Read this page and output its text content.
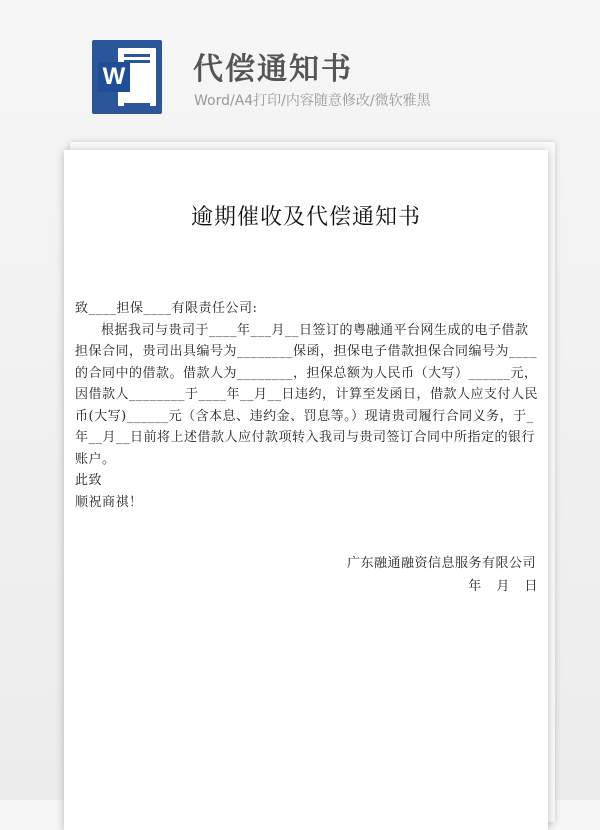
W 代偿通知书
Word/A4打印/内容随意修改/微软雅黑
逾期催收及代偿通知书

致____担保____有限责任公司:

根据我司与贵司于____年___月__日签订的粤融通平台网生成的电子借款担保合同，贵司出具编号为________保函，担保电子借款担保合同编号为____的合同中的借款。借款人为________，担保总额为人民币（大写）______元，因借款人________于____年__月__日违约，计算至发函日，借款人应支付人民币(大写)______元（含本息、违约金、罚息等。）现请贵司履行合同义务，于_年__月__日前将上述借款人应付款项转入我司与贵司签订合同中所指定的银行账户。

此致

顺祝商祺！

广东融通融资信息服务有限公司
年 月 日
